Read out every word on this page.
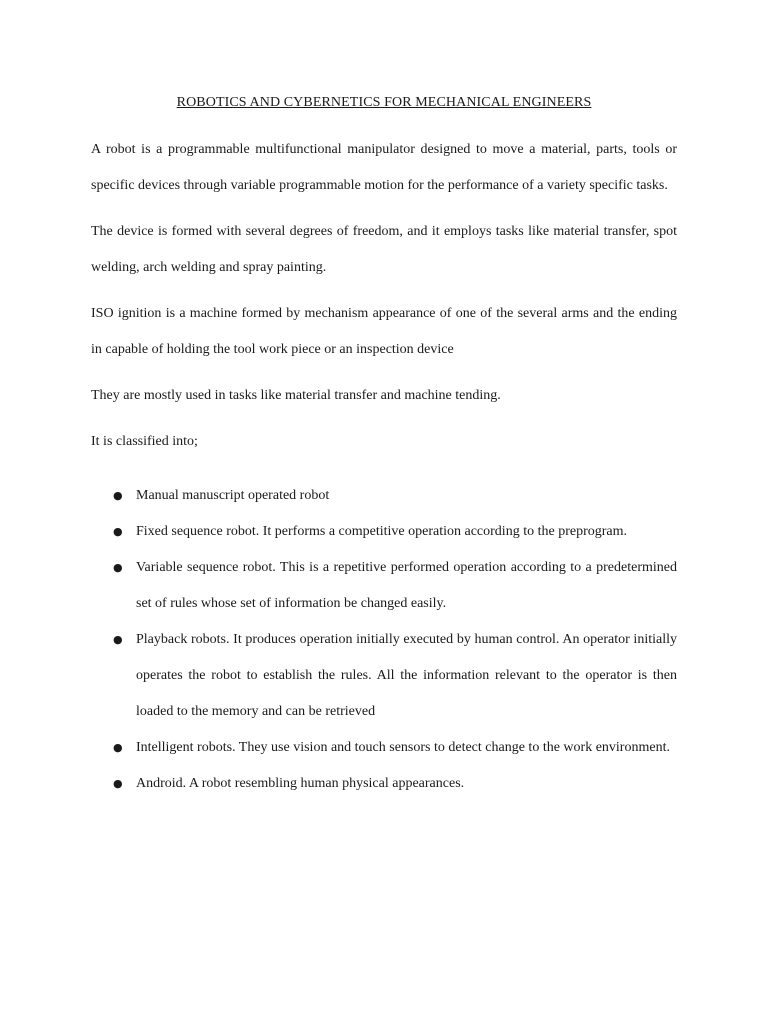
ROBOTICS AND CYBERNETICS FOR MECHANICAL ENGINEERS

A robot is a programmable multifunctional manipulator designed to move a material, parts, tools or specific devices through variable programmable motion for the performance of a variety specific tasks.

The device is formed with several degrees of freedom, and it employs tasks like material transfer, spot welding, arch welding and spray painting.

ISO ignition is a machine formed by mechanism appearance of one of the several arms and the ending in capable of holding the tool work piece or an inspection device

They are mostly used in tasks like material transfer and machine tending.

It is classified into;

● Manual manuscript operated robot
● Fixed sequence robot. It performs a competitive operation according to the preprogram.
● Variable sequence robot. This is a repetitive performed operation according to a predetermined set of rules whose set of information be changed easily.
● Playback robots. It produces operation initially executed by human control. An operator initially operates the robot to establish the rules. All the information relevant to the operator is then loaded to the memory and can be retrieved
● Intelligent robots. They use vision and touch sensors to detect change to the work environment.
● Android. A robot resembling human physical appearances.
